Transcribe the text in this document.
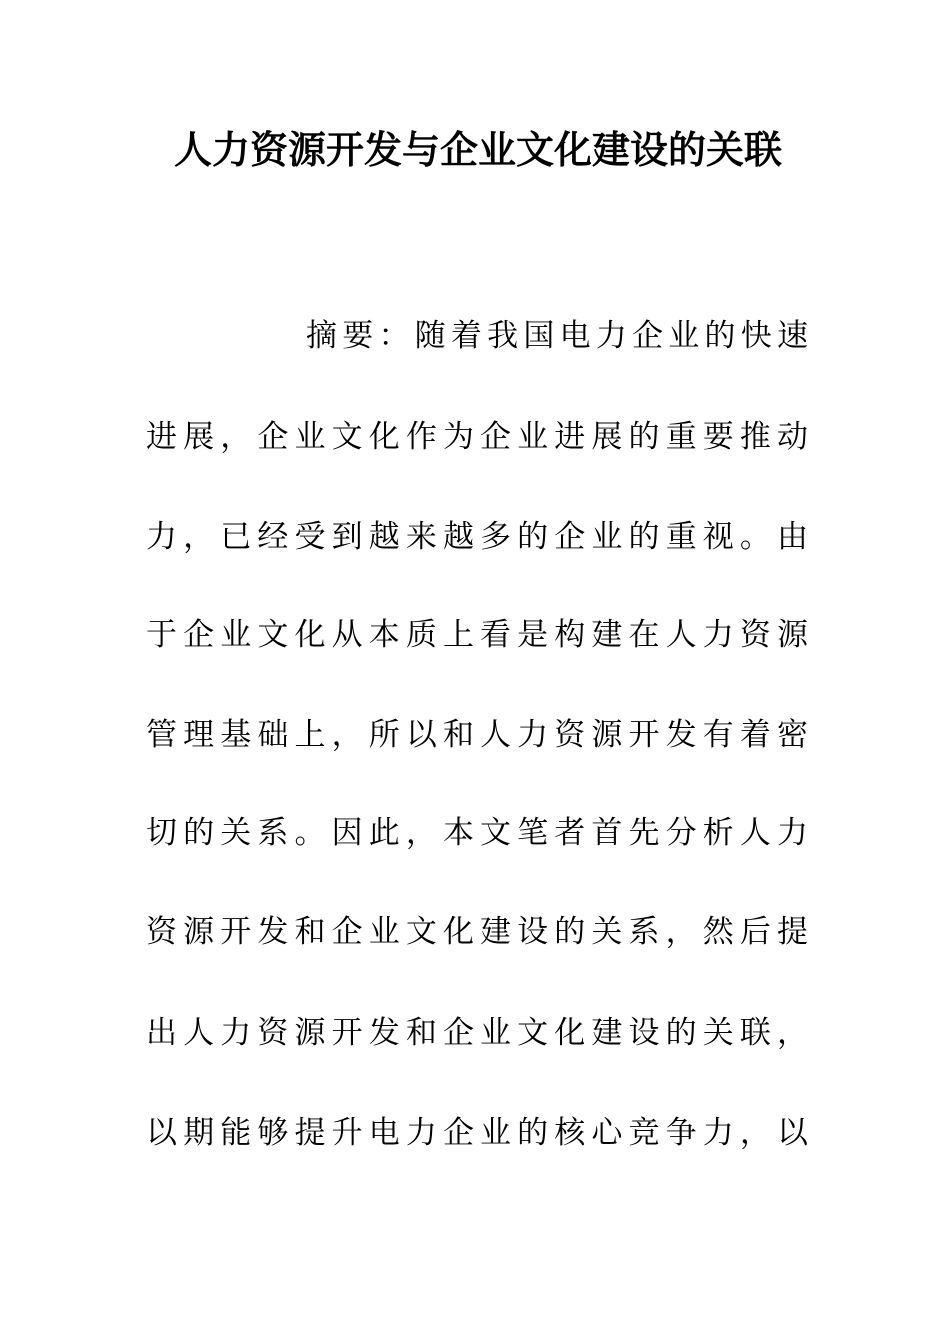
人力资源开发与企业文化建设的关联
摘要：随着我国电力企业的快速
进展，企业文化作为企业进展的重要推动
力，已经受到越来越多的企业的重视。由
于企业文化从本质上看是构建在人力资源
管理基础上，所以和人力资源开发有着密
切的关系。因此，本文笔者首先分析人力
资源开发和企业文化建设的关系，然后提
出人力资源开发和企业文化建设的关联，
以期能够提升电力企业的核心竞争力，以
